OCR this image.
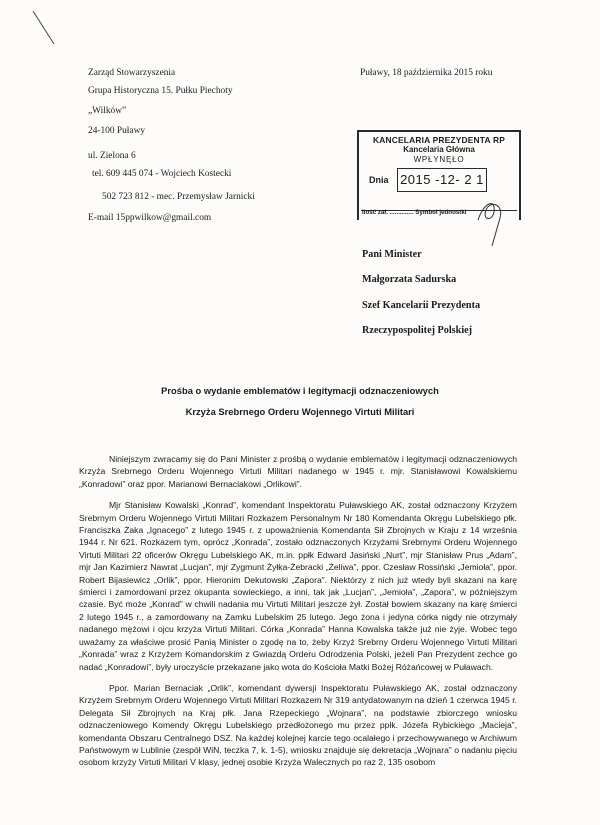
Zarząd Stowarzyszenia
Grupa Historyczna 15. Pułku Piechoty
„Wilków”
24-100 Puławy
ul. Zielona 6
tel. 609 445 074 - Wojciech Kostecki
502 723 812 - mec. Przemysław Jarnicki
E-mail 15ppwilkow@gmail.com
Puławy, 18 października 2015 roku
KANCELARIA PREZYDENTA RP
Kancelaria Główna
WPŁYNĘŁO
Dnia 2015 -12- 2 1
Ilość zał. .............. Symbol jednostki
Pani Minister
Małgorzata Sadurska
Szef Kancelarii Prezydenta
Rzeczypospolitej Polskiej
Prośba o wydanie emblematów i legitymacji odznaczeniowych
Krzyża Srebrnego Orderu Wojennego Virtuti Militari

Niniejszym zwracamy się do Pani Minister z prośbą o wydanie emblematów i legitymacji odznaczeniowych Krzyża Srebrnego Orderu Wojennego Virtuti Militari nadanego w 1945 r. mjr. Stanisławowi Kowalskiemu „Konradowi” oraz ppor. Marianowi Bernaciakowi „Orlikowi”.

Mjr Stanisław Kowalski „Konrad”, komendant Inspektoratu Puławskiego AK, został odznaczony Krzyżem Srebrnym Orderu Wojennego Virtuti Militari Rozkazem Personalnym Nr 180 Komendanta Okręgu Lubelskiego płk. Franciszka Żaka „Ignacego” z lutego 1945 r. z upoważnienia Komendanta Sił Zbrojnych w Kraju z 14 września 1944 r. Nr 621. Rozkazem tym, oprócz „Konrada”, zostało odznaczonych Krzyżami Srebrnymi Orderu Wojennego Virtuti Militari 22 oficerów Okręgu Lubelskiego AK, m.in. ppłk Edward Jasiński „Nurt”, mjr Stanisław Prus „Adam”, mjr Jan Kazimierz Nawrat „Lucjan”, mjr Zygmunt Żyłka-Żebracki „Żeliwa”, ppor. Czesław Rossiński „Jemioła”, ppor. Robert Bijasiewicz „Orlik”, ppor. Hieronim Dekutowski „Zapora”. Niektórzy z nich już wtedy byli skazani na karę śmierci i zamordowani przez okupanta sowieckiego, a inni, tak jak „Lucjan”, „Jemioła”, „Zapora”, w późniejszym czasie. Być może „Konrad” w chwili nadania mu Virtuti Militari jeszcze żył. Został bowiem skazany na karę śmierci 2 lutego 1945 r., a zamordowany na Zamku Lubelskim 25 lutego. Jego żona i jedyna córka nigdy nie otrzymały nadanego mężowi i ojcu krzyża Virtuti Militari. Córka „Konrada” Hanna Kowalska także już nie żyje. Wobec tego uważamy za właściwe prosić Panią Minister o zgodę na to, żeby Krzyż Srebrny Orderu Wojennego Virtuti Militari „Konrada” wraz z Krzyżem Komandorskim z Gwiazdą Orderu Odrodzenia Polski, jeżeli Pan Prezydent zechce go nadać „Konradowi”, były uroczyście przekazane jako wota do Kościoła Matki Bożej Różańcowej w Puławach.

Ppor. Marian Bernaciak „Orlik”, komendant dywersji Inspektoratu Puławskiego AK, został odznaczony Krzyżem Srebrnym Orderu Wojennego Virtuti Militari Rozkazem Nr 319 antydatowanym na dzień 1 czerwca 1945 r. Delegata Sił Zbrojnych na Kraj płk. Jana Rzepeckiego „Wojnara”, na podstawie zbiorczego wniosku odznaczeniowego Komendy Okręgu Lubelskiego przedłożonego mu przez ppłk. Józefa Rybickiego „Macieja”, komendanta Obszaru Centralnego DSZ. Na każdej kolejnej karcie tego ocalałego i przechowywanego w Archiwum Państwowym w Lublinie (zespół WiN, teczka 7, k. 1-5), wniosku znajduje się dekretacja „Wojnara” o nadaniu pięciu osobom krzyży Virtuti Militari V klasy, jednej osobie Krzyża Walecznych po raz 2, 135 osobom
